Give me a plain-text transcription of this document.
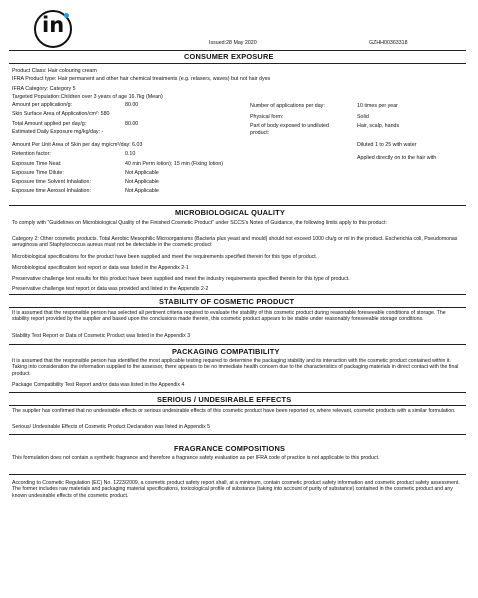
in
Issued:28 May 2020	GZHH00363318
CONSUMER EXPOSURE
Product Class: Hair colouring cream
IFRA Product type: Hair permanent and other hair chemical treatments (e.g. relaxers, waves) but not hair dyes
IFRA Category: Category 5
Targeted Population:Children over 3 years of age 16.7kg (Mean)
Amount per application/g:	80.00
Skin Surface Area of Application/cm²: 580
Total Amount applied per day/g:	80.00
Estimated Daily Exposure mg/kg/day: -
Amount Per Unit Area of Skin per day mg/cm²/day: 6.03
Retention factor:	0.10
Exposure Time Neat:	40 min Perm lotion); 15 min (Fixing lotion)
Exposure Time Dilute:	Not Applicable
Exposure time Solvent Inhalation:	Not Applicable
Exposure time Aerosol Inhalation:	Not Applicable
Number of applications per day:	10 times per year
Physical form:	Solid
Part of body exposed to undiluted	Hair, scalp, hands
product:
Diluted 1 to 25 with water
Applied directly on to the hair with
MICROBIOLOGICAL QUALITY
To comply with "Guidelines on Microbiological Quality of the Finished Cosmetic Product" under SCCS's Notes of Guidance, the following limits apply to this product:
Category 2: Other cosmetic products. Total Aerobic Mesophilic Microorganisms (Bacteria plus yeast and mould) should not exceed 1000 cfu/g or ml in the product. Escherichia coli, Pseudomonas aeruginosa and Staphylococcus aureus must not be detectable in the cosmetic product
Microbiological specifications for the product have been supplied and meet the requirements specified therein for this type of product.
Microbiological specification test report or data was listed in the Appendix 2-1
Preservative challenge test results for this product have been supplied and meet the industry requirements specified therein for this type of product.
Preservative challenge test report or data was provided and listed in the Appendix 2-2
STABILITY OF COSMETIC PRODUCT
It is assumed that the responsible person has selected all pertinent criteria required to evaluate the stability of this cosmetic product during reasonable foreseeable conditions of storage. The stability report provided by the supplier and based upon the conclusions made therein, this cosmetic product appears to be stable under reasonably foreseeable storage conditions.
Stability Test Report or Data of Cosmetic Product was listed in the Appendix 3
PACKAGING COMPATIBILITY
It is assumed that the responsible person has identified the most applicable testing required to determine the packaging stability and its interaction with the cosmetic product contained within it. Taking into consideration the information supplied to the assessor, there appears to be no immediate health concern due to the characteristics of packaging materials in direct contact with the final product.
Package Compatibility Test Report and/or data was listed in the Appendix 4
SERIOUS / UNDESIRABLE EFFECTS
The supplier has confirmed that no undesirable effects or serious undesirable effects of this cosmetic product have been reported or, where relevant, cosmetic products with a similar formulation.
Serious/ Undesirable Effects of Cosmetic Product Declaration was listed in Appendix 5
FRAGRANCE COMPOSITIONS
This formulation does not contain a synthetic fragrance and therefore a fragrance safety evaluation as per IFRA code of practice is not applicable to this product.
According to Cosmetic Regulation (EC) No. 1223/2009, a cosmetic product safety report shall, at a minimum, contain cosmetic product safety information and cosmetic product safety assessment. The former includes raw materials and packaging material specifications, toxicological profile of substance (taking into account of purity of substance) contained in the cosmetic product and any known undesirable effects of the cosmetic product.
